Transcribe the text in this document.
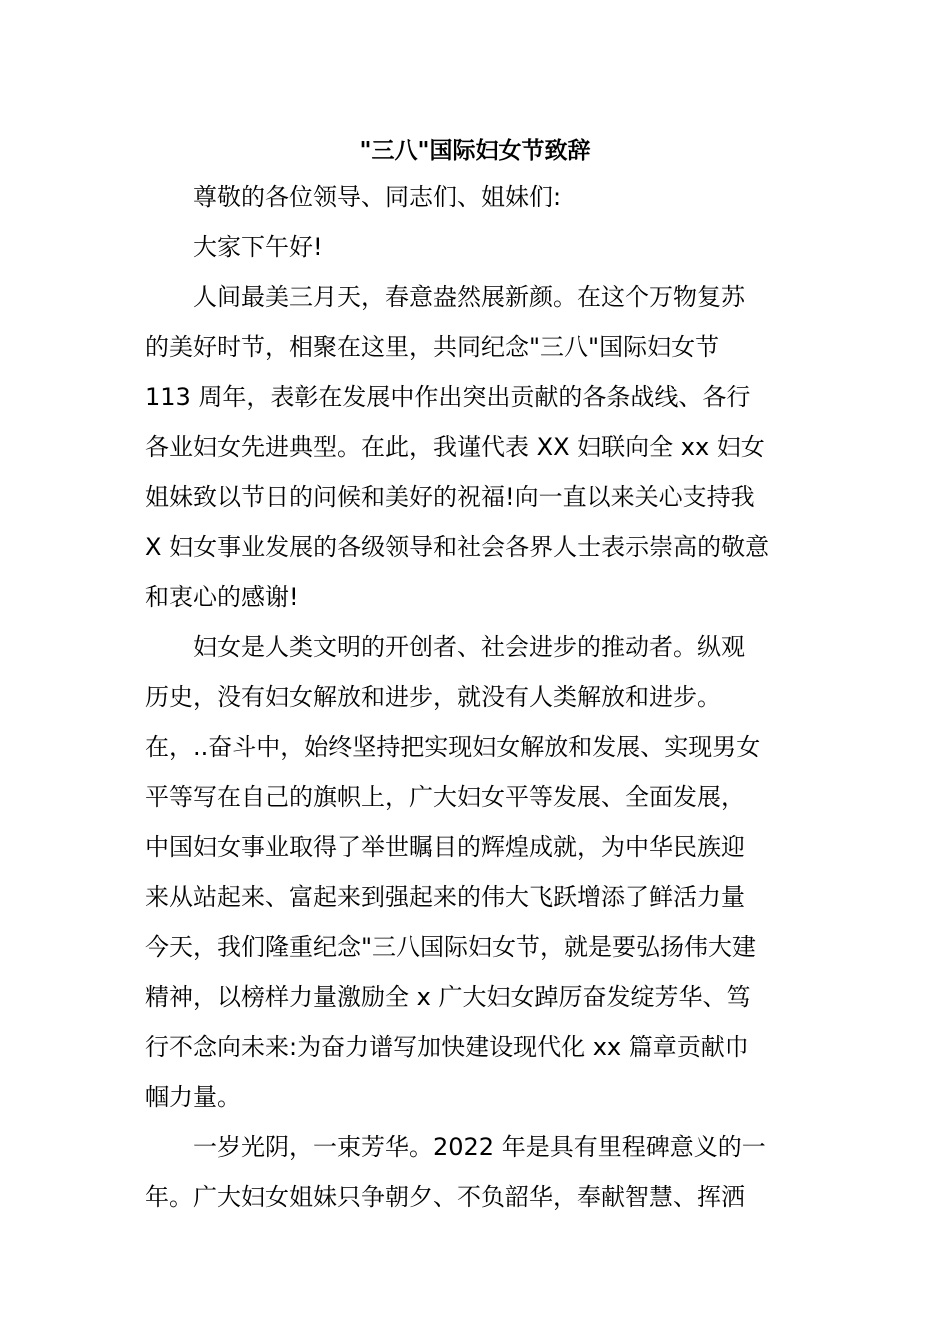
"三八"国际妇女节致辞
尊敬的各位领导、同志们、姐妹们:
大家下午好!
人间最美三月天，春意盎然展新颜。在这个万物复苏
的美好时节，相聚在这里，共同纪念"三八"国际妇女节
113 周年，表彰在发展中作出突出贡献的各条战线、各行
各业妇女先进典型。在此，我谨代表 XX 妇联向全 xx 妇女
姐妹致以节日的问候和美好的祝福!向一直以来关心支持我
X 妇女事业发展的各级领导和社会各界人士表示崇高的敬意
和衷心的感谢!
妇女是人类文明的开创者、社会进步的推动者。纵观
历史，没有妇女解放和进步，就没有人类解放和进步。
在，..奋斗中，始终坚持把实现妇女解放和发展、实现男女
平等写在自己的旗帜上，广大妇女平等发展、全面发展，
中国妇女事业取得了举世瞩目的辉煌成就，为中华民族迎
来从站起来、富起来到强起来的伟大飞跃增添了鲜活力量
今天，我们隆重纪念"三八国际妇女节，就是要弘扬伟大建
精神，以榜样力量激励全 x 广大妇女踔厉奋发绽芳华、笃
行不念向未来:为奋力谱写加快建设现代化 xx 篇章贡献巾
帼力量。
一岁光阴，一束芳华。2022 年是具有里程碑意义的一
年。广大妇女姐妹只争朝夕、不负韶华，奉献智慧、挥洒
